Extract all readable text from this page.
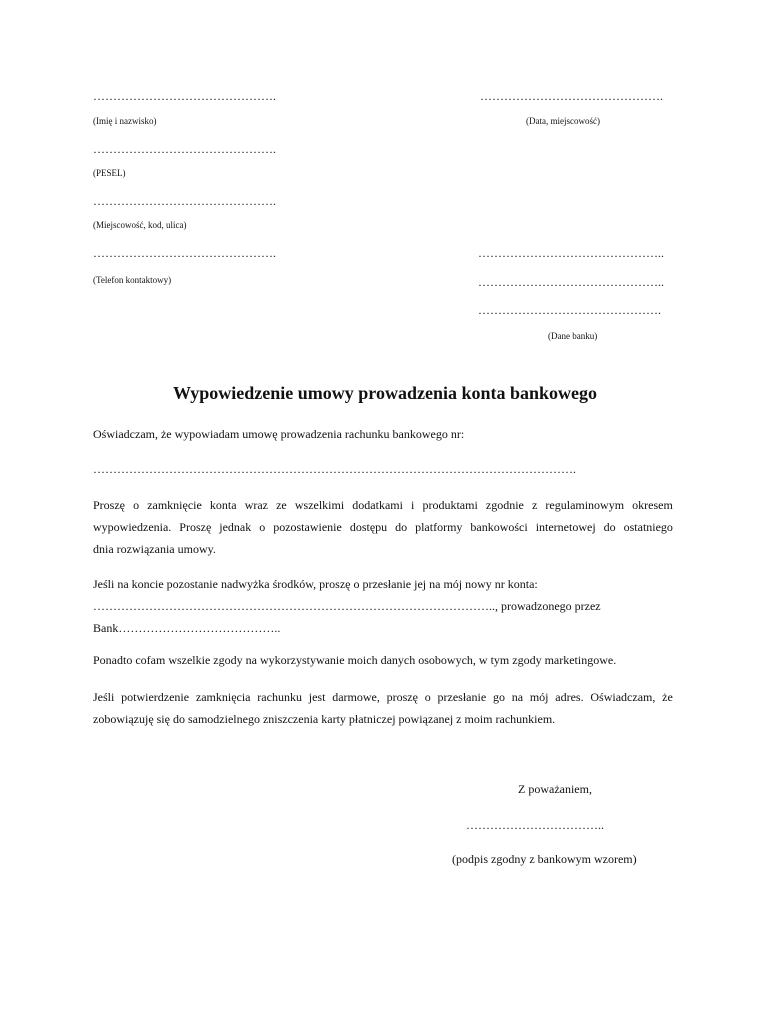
……………………………………….
(Imię i nazwisko)
……………………………………….
(PESEL)
……………………………………….
(Miejscowość, kod, ulica)
……………………………………….
(Telefon kontaktowy)
……………………………………….
(Data, miejscowość)
………………………………………..
………………………………………..
……………………………………….
(Dane banku)
Wypowiedzenie umowy prowadzenia konta bankowego
Oświadczam, że wypowiadam umowę prowadzenia rachunku bankowego nr:
………………………………………………………………………………………………………….
Proszę o zamknięcie konta wraz ze wszelkimi dodatkami i produktami zgodnie z regulaminowym okresem
wypowiedzenia. Proszę jednak o pozostawienie dostępu do platformy bankowości internetowej do ostatniego
dnia rozwiązania umowy.
Jeśli na koncie pozostanie nadwyżka środków, proszę o przesłanie jej na mój nowy nr konta:
……………………………………………………………………………………….., prowadzonego przez
Bank…………………………………..
Ponadto cofam wszelkie zgody na wykorzystywanie moich danych osobowych, w tym zgody marketingowe.
Jeśli potwierdzenie zamknięcia rachunku jest darmowe, proszę o przesłanie go na mój adres. Oświadczam, że
zobowiązuję się do samodzielnego zniszczenia karty płatniczej powiązanej z moim rachunkiem.
Z poważaniem,
……………………………..
(podpis zgodny z bankowym wzorem)
